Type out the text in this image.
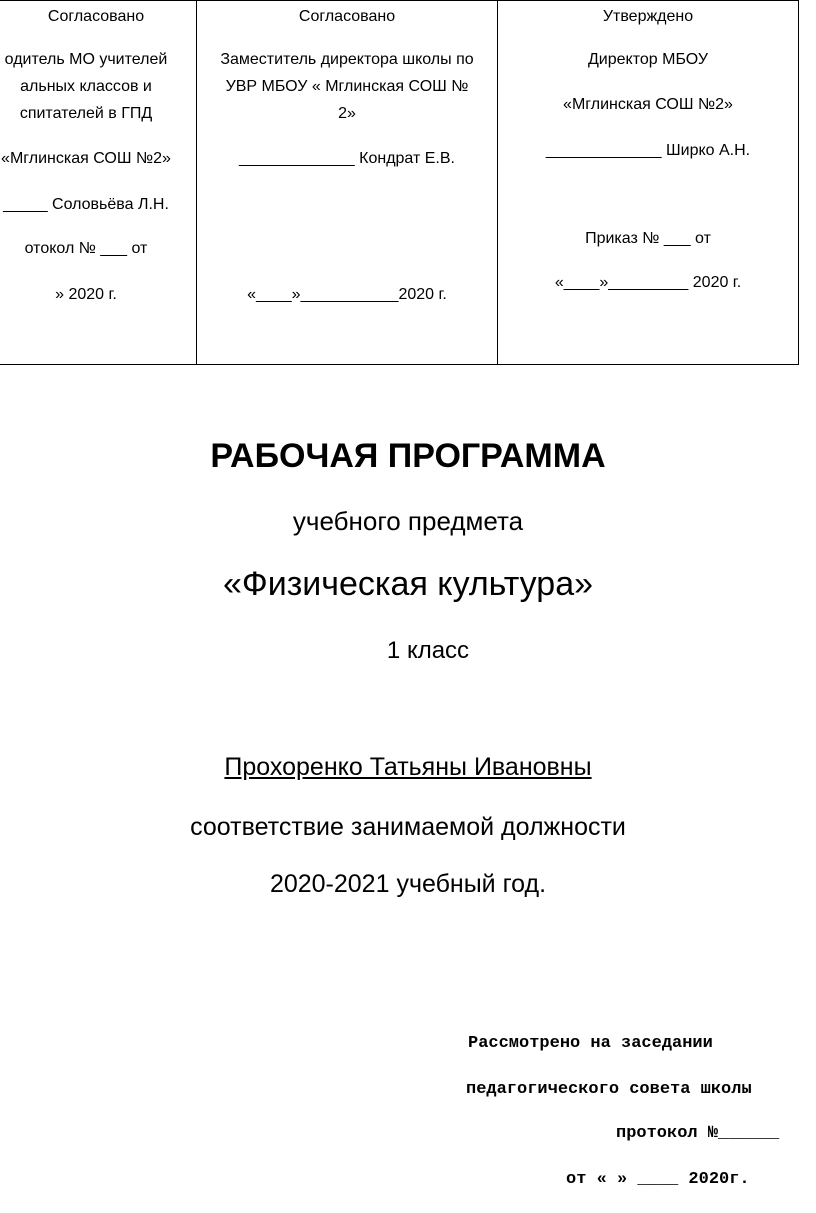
Согласовано
одитель МО учителей
альных классов и
спитателей в ГПД
«Мглинская СОШ №2»
_____ Соловьёва Л.Н.
отокол № ___ от
» 2020 г.

Согласовано
Заместитель директора школы по
УВР МБОУ « Мглинская СОШ №
2»
_____________ Кондрат Е.В.
«____»___________2020 г.

Утверждено
Директор МБОУ
«Мглинская СОШ №2»
_____________ Ширко А.Н.
Приказ № ___ от
«____»_________ 2020 г.
РАБОЧАЯ ПРОГРАММА
учебного предмета
«Физическая культура»
1 класс
Прохоренко Татьяны Ивановны
соответствие занимаемой должности
2020-2021 учебный год.
Рассмотрено на заседании
педагогического совета школы
протокол №______
от « » ____ 2020г.
